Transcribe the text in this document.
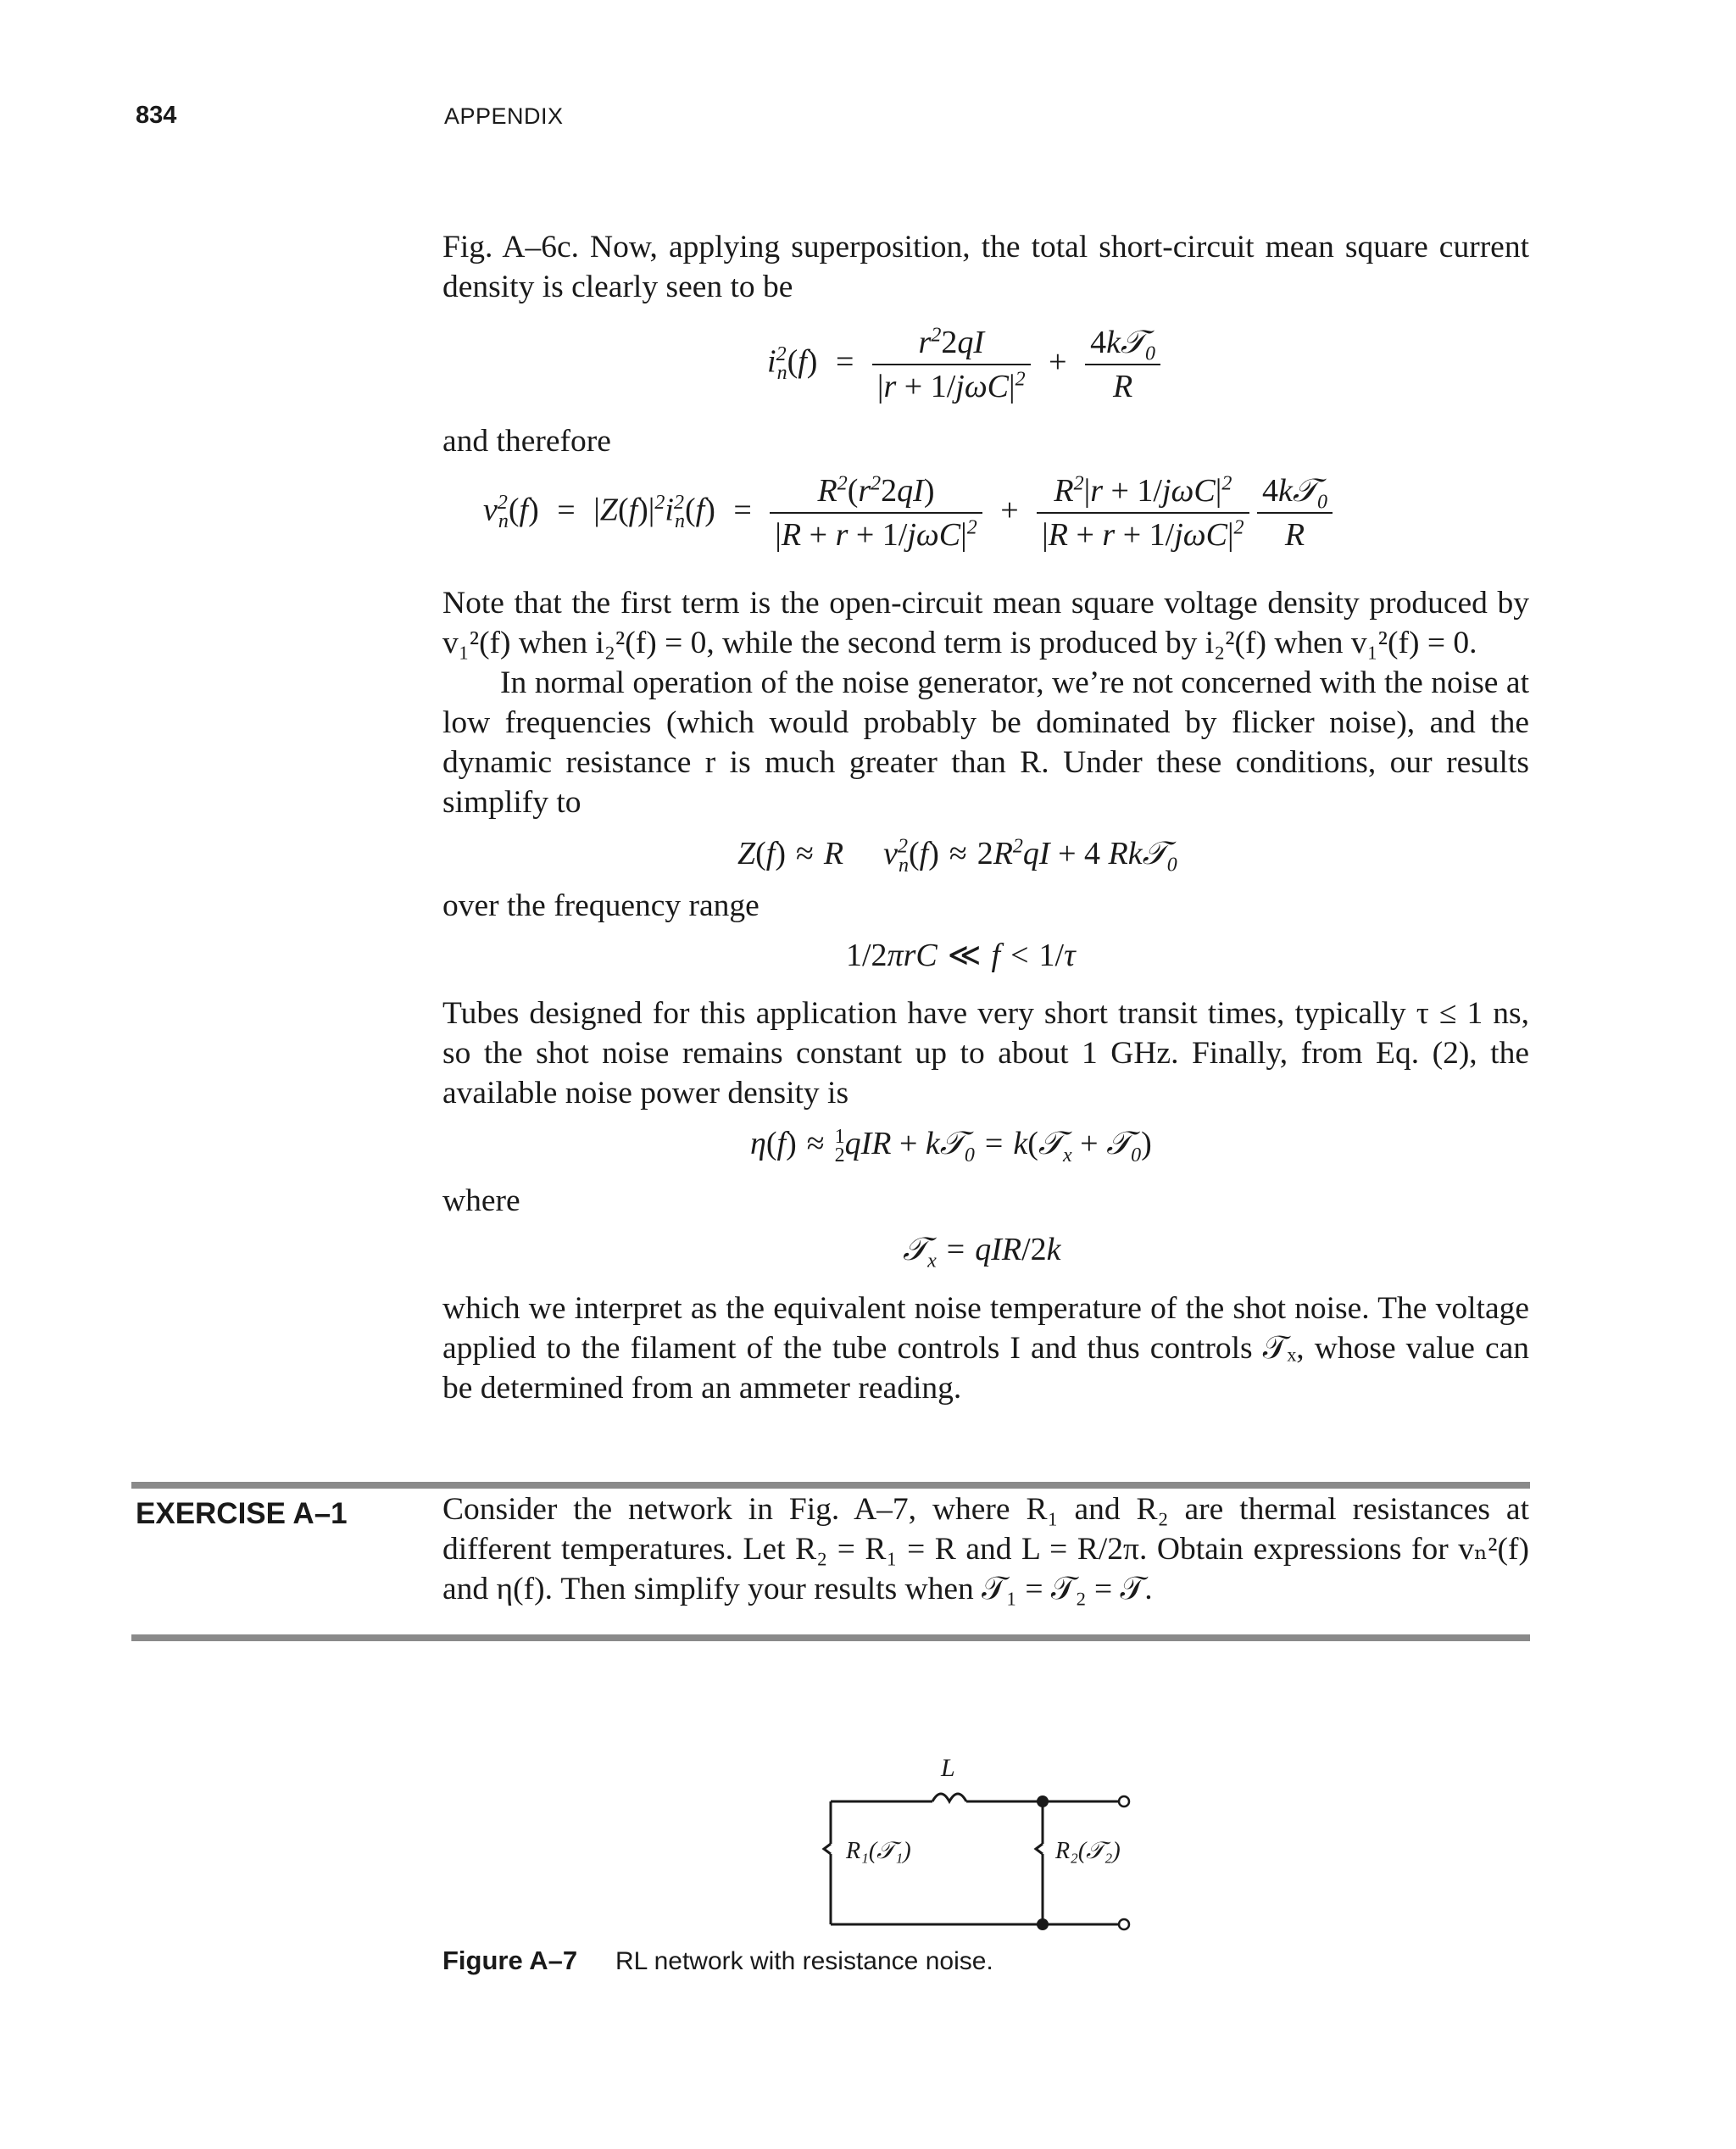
834	APPENDIX

Fig. A–6c. Now, applying superposition, the total short-circuit mean square current density is clearly seen to be

$i^2_n(f) = \frac{r^22qI}{|r + 1/j\omega C|^2} + \frac{4k𝒯_0}{R}$

and therefore

$v^2_n(f) = |Z(f)|^2i^2_n(f) = \frac{R^2(r^22qI)}{|R + r + 1/j\omega C|^2} + \frac{R^2|r + 1/j\omega C|^2}{|R + r + 1/j\omega C|^2}$
$\frac{4k𝒯_0}{R}$

Note that the first term is the open-circuit mean square voltage density produced by v₁²(f) when i₂²(f) = 0, while the second term is produced by i₂²(f) when v₁²(f) = 0.

In normal operation of the noise generator, we’re not concerned with the noise at low frequencies (which would probably be dominated by flicker noise), and the dynamic resistance r is much greater than R. Under these conditions, our results simplify to

Z(f) ≈ R  $v^2_n(f) \approx 2R^2qI + 4$ Rk𝒯$_0$

over the frequency range

1/2πrC ≪ f < 1/τ

Tubes designed for this application have very short transit times, typically τ ≤ 1 ns, so the shot noise remains constant up to about 1 GHz. Finally, from Eq. (2), the available noise power density is

η(f) ≈ 1
2qIR + k𝒯$_0$ = k(𝒯$_x$ + 𝒯$_0$)

where

𝒯$_x$ = qIR/2k

which we interpret as the equivalent noise temperature of the shot noise. The voltage applied to the filament of the tube controls I and thus controls 𝒯ₓ, whose value can be determined from an ammeter reading.

EXERCISE A–1	Consider the network in Fig. A–7, where R₁ and R₂ are thermal resistances at different temperatures. Let R₂ = R₁ = R and L = R/2π. Obtain expressions for vₙ²(f) and η(f). Then simplify your results when 𝒯₁ = 𝒯₂ = 𝒯.

L
R₁(𝒯₁)	R₂(𝒯₂)
Figure A–7 RL network with resistance noise.
